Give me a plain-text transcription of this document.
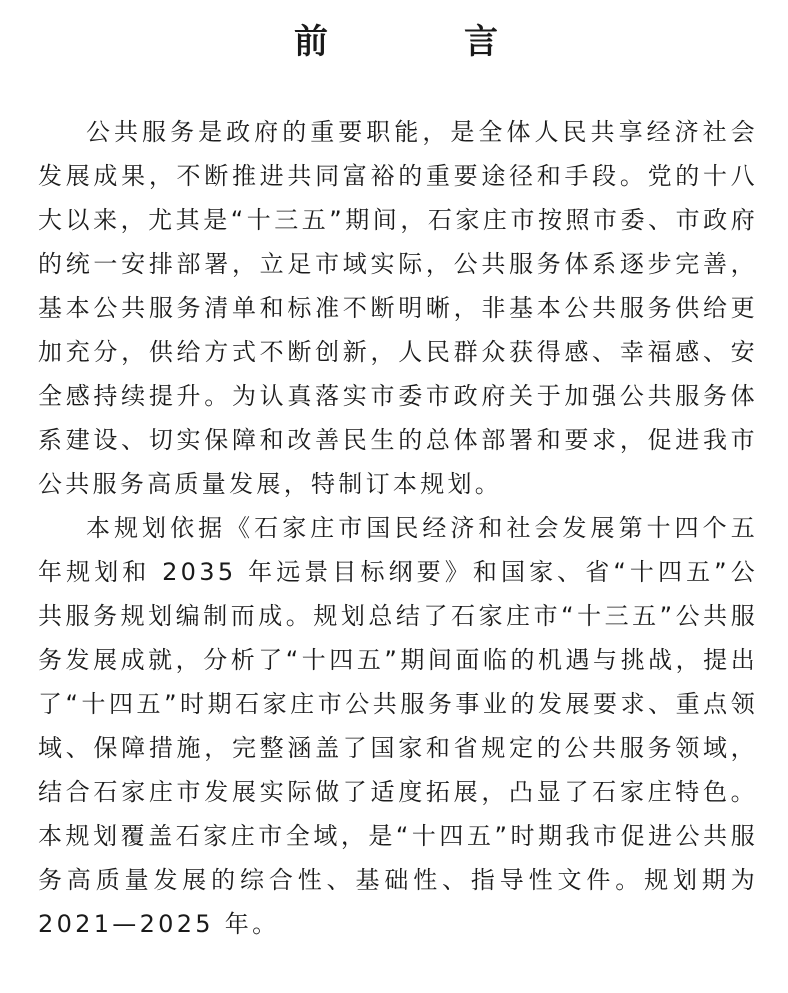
前	言

公共服务是政府的重要职能，是全体人民共享经济社会发展成果，不断推进共同富裕的重要途径和手段。党的十八大以来，尤其是“十三五”期间，石家庄市按照市委、市政府的统一安排部署，立足市域实际，公共服务体系逐步完善，基本公共服务清单和标准不断明晰，非基本公共服务供给更加充分，供给方式不断创新，人民群众获得感、幸福感、安全感持续提升。为认真落实市委市政府关于加强公共服务体系建设、切实保障和改善民生的总体部署和要求，促进我市公共服务高质量发展，特制订本规划。

本规划依据《石家庄市国民经济和社会发展第十四个五年规划和 2035 年远景目标纲要》和国家、省“十四五”公共服务规划编制而成。规划总结了石家庄市“十三五”公共服务发展成就，分析了“十四五”期间面临的机遇与挑战，提出了“十四五”时期石家庄市公共服务事业的发展要求、重点领域、保障措施，完整涵盖了国家和省规定的公共服务领域，结合石家庄市发展实际做了适度拓展，凸显了石家庄特色。本规划覆盖石家庄市全域，是“十四五”时期我市促进公共服务高质量发展的综合性、基础性、指导性文件。规划期为 2021—2025 年。
